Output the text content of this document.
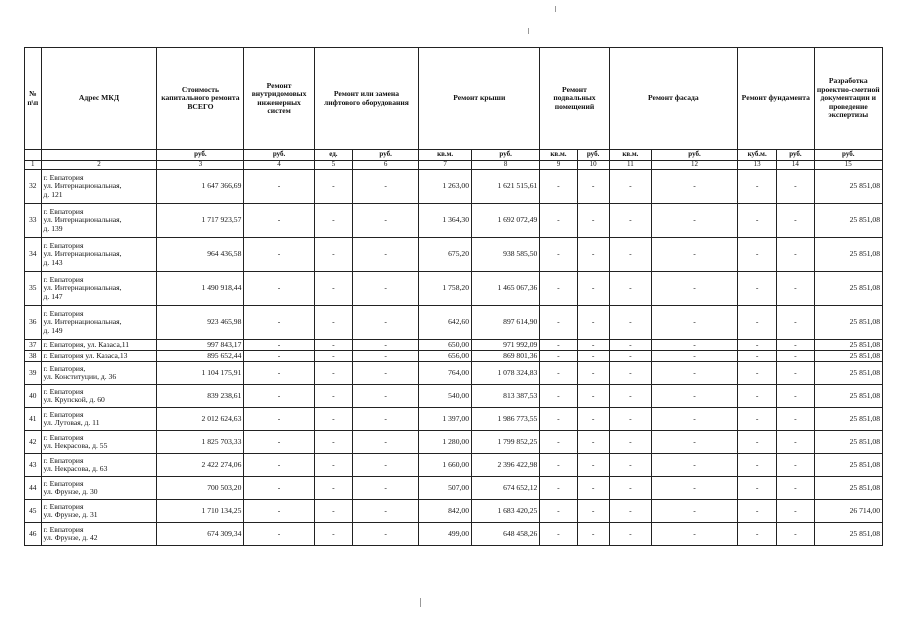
№ п\п	Адрес МКД	Стоимость капитального ремонта ВСЕГО	Ремонт внутридомовых инженерных систем	Ремонт или замена лифтового оборудования		Ремонт крыши		Ремонт подвальных помещений		Ремонт фасада		Ремонт фундамента		Разработка проектно-сметной документации и проведение экспертизы
		руб.	руб.	ед.	руб.	кв.м.	руб.	кв.м.	руб.	кв.м.	руб.	куб.м.	руб.	руб.
1	2	3	4	5	6	7	8	9	10	11	12	13	14	15
32	г. Евпатория
ул. Интернациональная,
д. 121	1 647 366,69	-	-	-	1 263,00	1 621 515,61	-	-	-	-	-	-	25 851,08
33	г. Евпатория
ул. Интернациональная,
д. 139	1 717 923,57	-	-	-	1 364,30	1 692 072,49	-	-	-	-	-	-	25 851,08
34	г. Евпатория
ул. Интернациональная,
д. 143	964 436,58	-	-	-	675,20	938 585,50	-	-	-	-	-	-	25 851,08
35	г. Евпатория
ул. Интернациональная,
д. 147	1 490 918,44	-	-	-	1 758,20	1 465 067,36	-	-	-	-	-	-	25 851,08
36	г. Евпатория
ул. Интернациональная,
д. 149	923 465,98	-	-	-	642,60	897 614,90	-	-	-	-	-	-	25 851,08
37	г. Евпатория, ул. Казаса,11	997 843,17	-	-	-	650,00	971 992,09	-	-	-	-	-	-	25 851,08
38	г. Евпатория ул. Казаса,13	895 652,44	-	-	-	656,00	869 801,36	-	-	-	-	-	-	25 851,08
39	г. Евпатория,
ул. Конституции, д. 36	1 104 175,91	-	-	-	764,00	1 078 324,83	-	-	-	-	-	-	25 851,08
40	г. Евпатория
ул. Крупской, д. 60	839 238,61	-	-	-	540,00	813 387,53	-	-	-	-	-	-	25 851,08
41	г. Евпатория
ул. Лутовая, д. 11	2 012 624,63	-	-	-	1 397,00	1 986 773,55	-	-	-	-	-	-	25 851,08
42	г. Евпатория
ул. Некрасова, д. 55	1 825 703,33	-	-	-	1 280,00	1 799 852,25	-	-	-	-	-	-	25 851,08
43	г. Евпатория
ул. Некрасова, д. 63	2 422 274,06	-	-	-	1 660,00	2 396 422,98	-	-	-	-	-	-	25 851,08
44	г. Евпатория
ул. Фрунзе, д. 30	700 503,20	-	-	-	507,00	674 652,12	-	-	-	-	-	-	25 851,08
45	г. Евпатория
ул. Фрунзе, д. 31	1 710 134,25	-	-	-	842,00	1 683 420,25	-	-	-	-	-	-	26 714,00
46	г. Евпатория
ул. Фрунзе, д. 42	674 309,34	-	-	-	499,00	648 458,26	-	-	-	-	-	-	25 851,08
